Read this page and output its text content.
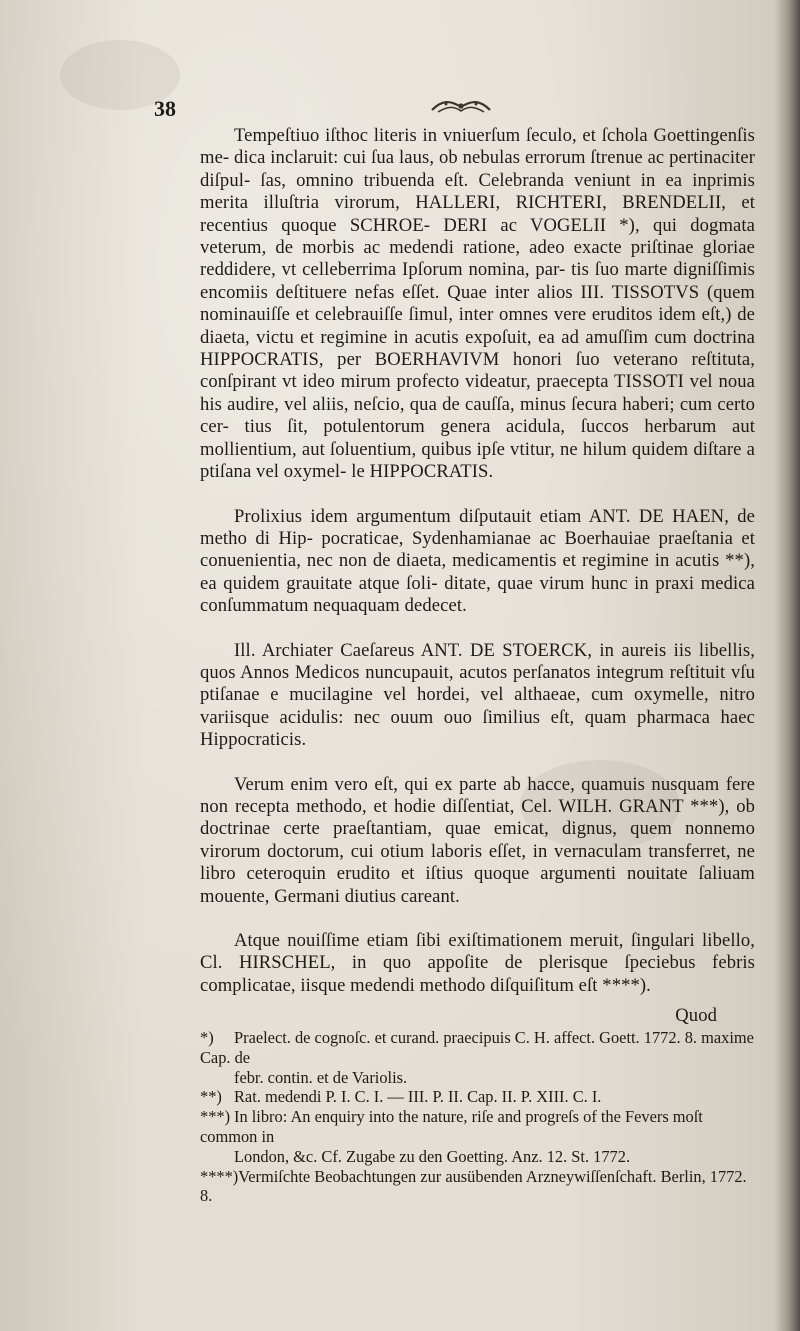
38

Tempeſtiuo iſthoc literis in vniuerſum ſeculo, et ſchola Goettingenſis me- dica inclaruit: cui ſua laus, ob nebulas errorum ſtrenue ac pertinaciter diſpul- ſas, omnino tribuenda eſt. Celebranda veniunt in ea inprimis merita illuſtria virorum, HALLERI, RICHTERI, BRENDELII, et recentius quoque SCHROE- DERI ac VOGELII *), qui dogmata veterum, de morbis ac medendi ratione, adeo exacte priſtinae gloriae reddidere, vt celleberrima Ipſorum nomina, par- tis ſuo marte digniſſimis encomiis deſtituere nefas eſſet. Quae inter alios III. TISSOTVS (quem nominauiſſe et celebrauiſſe ſimul, inter omnes vere eruditos idem eſt,) de diaeta, victu et regimine in acutis expoſuit, ea ad amuſſim cum doctrina HIPPOCRATIS, per BOERHAVIVM honori ſuo veterano reſtituta, conſpirant vt ideo mirum profecto videatur, praecepta TISSOTI vel noua his audire, vel aliis, neſcio, qua de cauſſa, minus ſecura haberi; cum certo cer- tius ſit, potulentorum genera acidula, ſuccos herbarum aut mollientium, aut ſoluentium, quibus ipſe vtitur, ne hilum quidem diſtare a ptiſana vel oxymel- le HIPPOCRATIS.

Prolixius idem argumentum diſputauit etiam ANT. DE HAEN, de metho di Hip- pocraticae, Sydenhamianae ac Boerhauiae praeſtania et conuenientia, nec non de diaeta, medicamentis et regimine in acutis **), ea quidem grauitate atque ſoli- ditate, quae virum hunc in praxi medica conſummatum nequaquam dedecet.

Ill. Archiater Caeſareus ANT. DE STOERCK, in aureis iis libellis, quos Annos Medicos nuncupauit, acutos perſanatos integrum reſtituit vſu ptiſanae e mucilagine vel hordei, vel althaeae, cum oxymelle, nitro variisque acidulis: nec ouum ouo ſimilius eſt, quam pharmaca haec Hippocraticis.

Verum enim vero eſt, qui ex parte ab hacce, quamuis nusquam fere non recepta methodo, et hodie diſſentiat, Cel. WILH. GRANT ***), ob doctrinae certe praeſtantiam, quae emicat, dignus, quem nonnemo virorum doctorum, cui otium laboris eſſet, in vernaculam transferret, ne libro ceteroquin erudito et iſtius quoque argumenti nouitate ſaliuam mouente, Germani diutius careant.

Atque nouiſſime etiam ſibi exiſtimationem meruit, ſingulari libello, Cl. HIRSCHEL, in quo appoſite de plerisque ſpeciebus febris complicatae, iisque medendi methodo diſquiſitum eſt ****).

Quod

*) Praelect. de cognoſc. et curand. praecipuis C. H. affect. Goett. 1772. 8. maxime Cap. de

febr. contin. et de Variolis.

**) Rat. medendi P. I. C. I. — III. P. II. Cap. II. P. XIII. C. I.

***) In libro: An enquiry into the nature, riſe and progreſs of the Fevers moſt common in

London, &c. Cf. Zugabe zu den Goetting. Anz. 12. St. 1772.

****)Vermiſchte Beobachtungen zur ausübenden Arzneywiſſenſchaft. Berlin, 1772. 8.
